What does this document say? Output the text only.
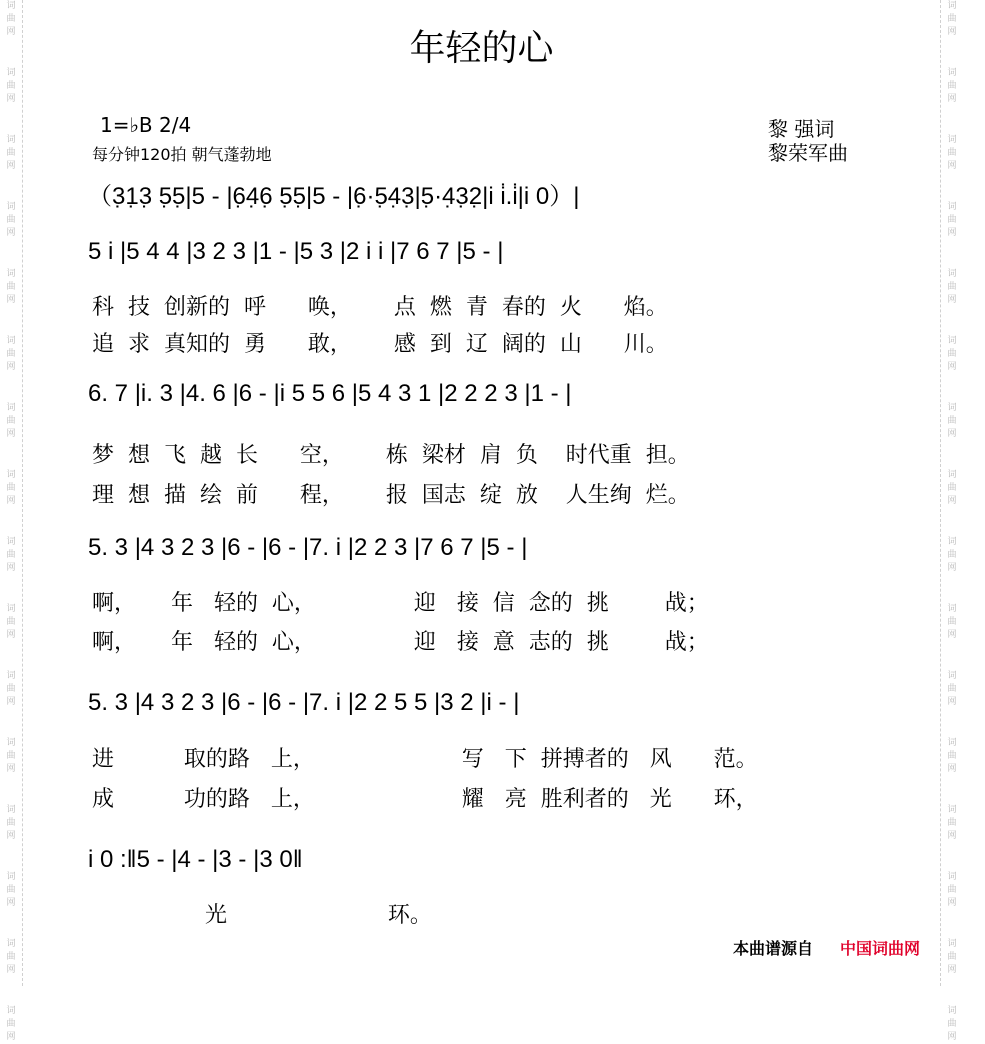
词
曲
网
词
曲
网
词
曲
网
词
曲
网
词
曲
网
词
曲
网
词
曲
网
词
曲
网
词
曲
网
词
曲
网
词
曲
网
词
曲
网
词
曲
网
词
曲
网
词
曲
网
词
曲
网
词
曲
网
词
曲
网
词
曲
网
词
曲
网
词
曲
网
词
曲
网
词
曲
网
词
曲
网
词
曲
网
词
曲
网
词
曲
网
词
曲
网
词
曲
网
词
曲
网
词
曲
网
词
曲
网
年轻的心
1=♭B 2/4
每分钟120拍 朝气蓬勃地
黎 强词
黎荣军曲
（3̣1̣3̣ 5̣5̣|5 - |6̣4̣6̣ 5̣5̣|5 - |6̣·5̣4̣3̣|5̣·4̣3̣2̣|i i̇.i̇|i 0）|
5 i |5 4 4 |3 2 3 |1 - |5 3 |2 i i |7 6 7 |5 - |
6. 7 |i. 3 |4. 6 |6 - |i 5 5 6 |5 4 3 1 |2 2 2 3 |1 - |
5. 3 |4 3 2 3 |6 - |6 - |7. i |2 2 3 |7 6 7 |5 - |
5. 3 |4 3 2 3 |6 - |6 - |7. i |2 2 5 5 |3 2 |i - |
i 0 :‖5 - |4 - |3 - |3 0‖
科  技  创新的  呼      唤，      点  燃  青  春的  火      焰。
追  求  真知的  勇      敢，      感  到  辽  阔的  山      川。
梦  想  飞  越  长      空，      栋  梁材  肩  负    时代重  担。
理  想  描  绘  前      程，      报  国志  绽  放    人生绚  烂。
啊，     年   轻的  心，              迎   接  信  念的  挑        战；
啊，     年   轻的  心，              迎   接  意  志的  挑        战；
进          取的路   上，                     写   下  拼搏者的   风      范。
成          功的路   上，                     耀   亮  胜利者的   光      环，
光                       环。
本曲谱源自 中国词曲网
